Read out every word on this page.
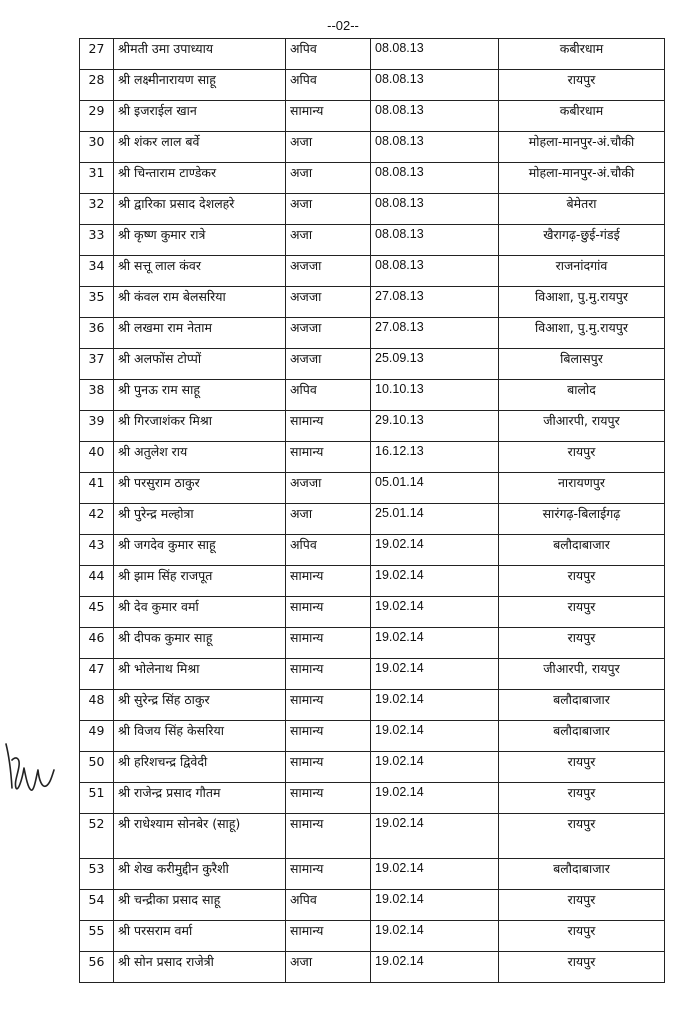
--02--
27	श्रीमती उमा उपाध्याय	अपिव	08.08.13	कबीरधाम
28	श्री लक्ष्मीनारायण साहू	अपिव	08.08.13	रायपुर
29	श्री इजराईल खान	सामान्य	08.08.13	कबीरधाम
30	श्री शंकर लाल बर्वे	अजा	08.08.13	मोहला-मानपुर-अं.चौकी
31	श्री चिन्ताराम टाण्डेकर	अजा	08.08.13	मोहला-मानपुर-अं.चौकी
32	श्री द्वारिका प्रसाद देशलहरे	अजा	08.08.13	बेमेतरा
33	श्री कृष्ण कुमार रात्रे	अजा	08.08.13	खैरागढ़-छुई-गंडई
34	श्री सत्तू लाल कंवर	अजजा	08.08.13	राजनांदगांव
35	श्री कंवल राम बेलसरिया	अजजा	27.08.13	विआशा, पु.मु.रायपुर
36	श्री लखमा राम नेताम	अजजा	27.08.13	विआशा, पु.मु.रायपुर
37	श्री अलफोंस टोप्पों	अजजा	25.09.13	बिलासपुर
38	श्री पुनऊ राम साहू	अपिव	10.10.13	बालोद
39	श्री गिरजाशंकर मिश्रा	सामान्य	29.10.13	जीआरपी, रायपुर
40	श्री अतुलेश राय	सामान्य	16.12.13	रायपुर
41	श्री परसुराम ठाकुर	अजजा	05.01.14	नारायणपुर
42	श्री पुरेन्द्र मल्होत्रा	अजा	25.01.14	सारंगढ़-बिलाईगढ़
43	श्री जगदेव कुमार साहू	अपिव	19.02.14	बलौदाबाजार
44	श्री झाम सिंह राजपूत	सामान्य	19.02.14	रायपुर
45	श्री देव कुमार वर्मा	सामान्य	19.02.14	रायपुर
46	श्री दीपक कुमार साहू	सामान्य	19.02.14	रायपुर
47	श्री भोलेनाथ मिश्रा	सामान्य	19.02.14	जीआरपी, रायपुर
48	श्री सुरेन्द्र सिंह ठाकुर	सामान्य	19.02.14	बलौदाबाजार
49	श्री विजय सिंह केसरिया	सामान्य	19.02.14	बलौदाबाजार
50	श्री हरिशचन्द्र द्विवेदी	सामान्य	19.02.14	रायपुर
51	श्री राजेन्द्र प्रसाद गौतम	सामान्य	19.02.14	रायपुर
52	श्री राधेश्याम सोनबेर (साहू)	सामान्य	19.02.14	रायपुर
53	श्री शेख करीमुद्दीन कुरैशी	सामान्य	19.02.14	बलौदाबाजार
54	श्री चन्द्रीका प्रसाद साहू	अपिव	19.02.14	रायपुर
55	श्री परसराम वर्मा	सामान्य	19.02.14	रायपुर
56	श्री सोन प्रसाद राजेत्री	अजा	19.02.14	रायपुर
